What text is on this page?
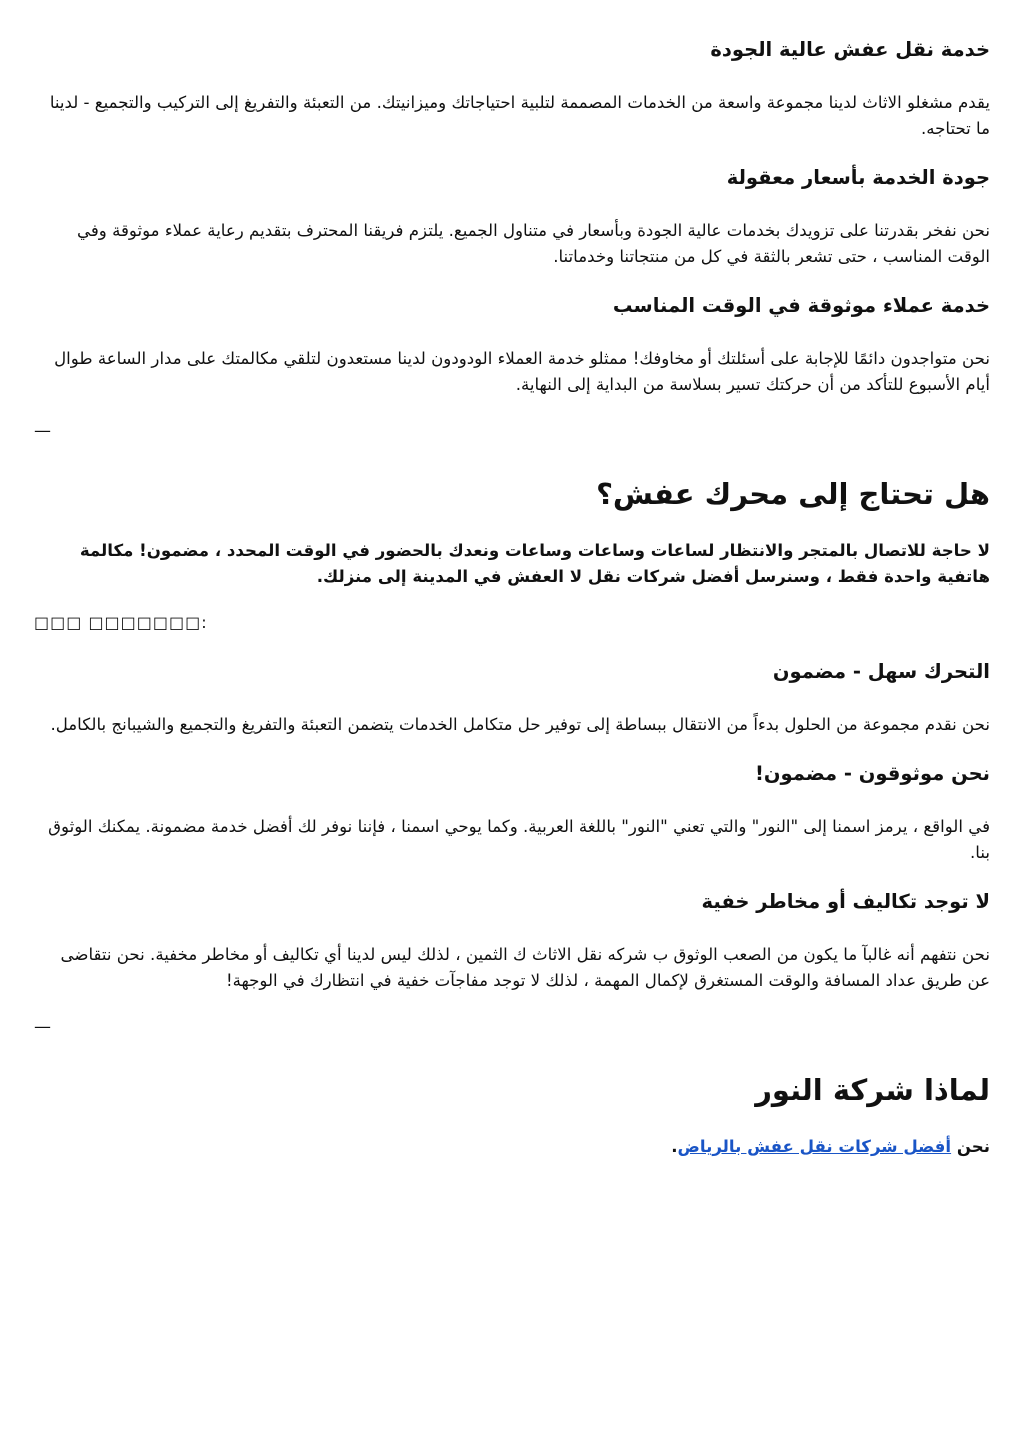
خدمة نقل عفش عالية الجودة

يقدم مشغلو الاثاث لدينا مجموعة واسعة من الخدمات المصممة لتلبية احتياجاتك وميزانيتك. من التعبئة والتفريغ إلى التركيب والتجميع - لدينا ما تحتاجه.

جودة الخدمة بأسعار معقولة

نحن نفخر بقدرتنا على تزويدك بخدمات عالية الجودة وبأسعار في متناول الجميع. يلتزم فريقنا المحترف بتقديم رعاية عملاء موثوقة وفي الوقت المناسب ، حتى تشعر بالثقة في كل من منتجاتنا وخدماتنا.

خدمة عملاء موثوقة في الوقت المناسب

نحن متواجدون دائمًا للإجابة على أسئلتك أو مخاوفك! ممثلو خدمة العملاء الودودون لدينا مستعدون لتلقي مكالمتك على مدار الساعة طوال أيام الأسبوع للتأكد من أن حركتك تسير بسلاسة من البداية إلى النهاية.

—
هل تحتاج إلى محرك عفش؟

لا حاجة للاتصال بالمتجر والانتظار لساعات وساعات وساعات ونعدك بالحضور في الوقت المحدد ، مضمون! مكالمة هاتفية واحدة فقط ، وسنرسل أفضل شركات نقل لا العفش في المدينة إلى منزلك.

□□□ □□□□□□□:
التحرك سهل - مضمون

نحن نقدم مجموعة من الحلول بدءاً من الانتقال ببساطة إلى توفير حل متكامل الخدمات يتضمن التعبئة والتفريغ والتجميع والشيبانج بالكامل.

نحن موثوقون - مضمون!

في الواقع ، يرمز اسمنا إلى "النور" والتي تعني "النور" باللغة العربية. وكما يوحي اسمنا ، فإننا نوفر لك أفضل خدمة مضمونة. يمكنك الوثوق بنا.

لا توجد تكاليف أو مخاطر خفية

نحن نتفهم أنه غالبآ ما يكون من الصعب الوثوق ب شركه نقل الاثاث ك الثمين ، لذلك ليس لدينا أي تكاليف أو مخاطر مخفية. نحن نتقاضى عن طريق عداد المسافة والوقت المستغرق لإكمال المهمة ، لذلك لا توجد مفاجآت خفية في انتظارك في الوجهة!

—
لماذا شركة النور

نحن أفضل شركات نقل عفش بالرياض.
